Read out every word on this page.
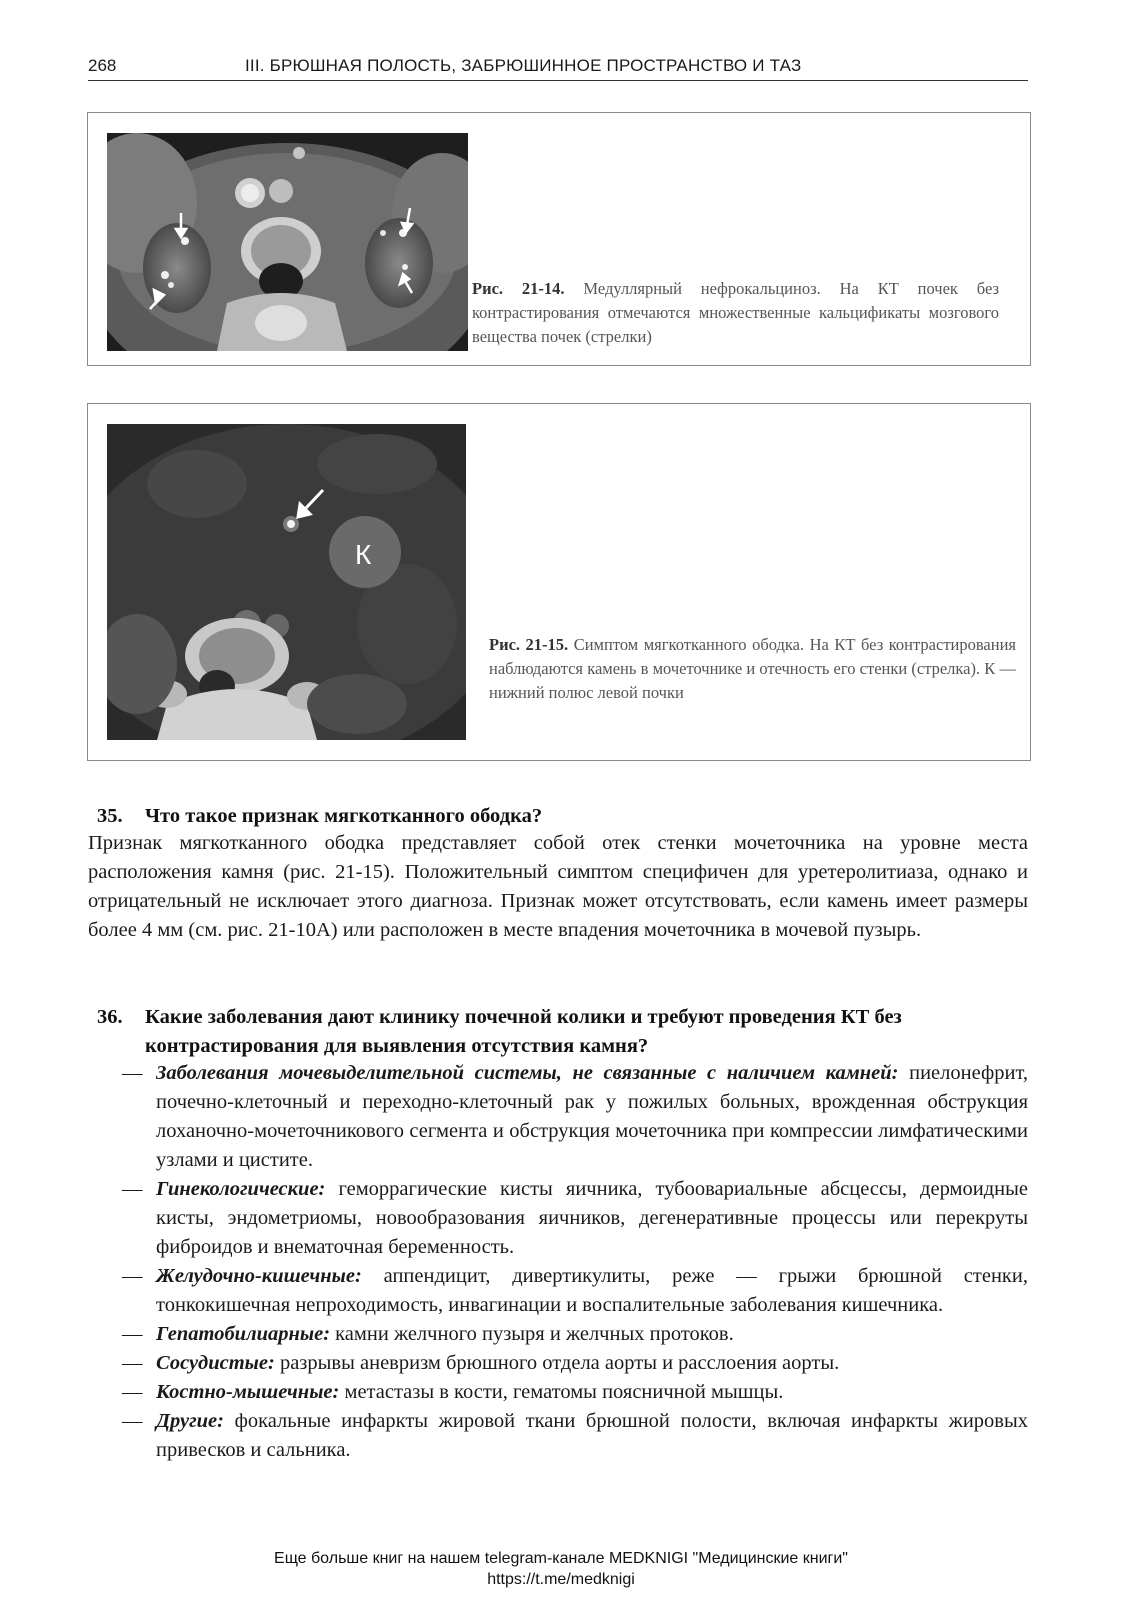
268	III. БРЮШНАЯ ПОЛОСТЬ, ЗАБРЮШИННОЕ ПРОСТРАНСТВО И ТАЗ
Рис. 21-14. Медуллярный нефрокальциноз. На КТ почек без контрастирования отмечаются множественные кальцификаты мозгового вещества почек (стрелки)
К
Рис. 21-15. Симптом мягкотканного ободка. На КТ без контрастирования наблюдаются камень в мочеточнике и отечность его стенки (стрелка). К — нижний полюс левой почки
35. Что такое признак мягкотканного ободка?
Признак мягкотканного ободка представляет собой отек стенки мочеточника на уровне места расположения камня (рис. 21-15). Положительный симптом специфичен для уретеролитиаза, однако и отрицательный не исключает этого диагноза. Признак может отсутствовать, если камень имеет размеры более 4 мм (см. рис. 21-10А) или расположен в месте впадения мочеточника в мочевой пузырь.
36. Какие заболевания дают клинику почечной колики и требуют проведения КТ без контрастирования для выявления отсутствия камня?
— Заболевания мочевыделительной системы, не связанные с наличием камней: пиелонефрит, почечно-клеточный и переходно-клеточный рак у пожилых больных, врожденная обструкция лоханочно-мочеточникового сегмента и обструкция мочеточника при компрессии лимфатическими узлами и цистите.
— Гинекологические: геморрагические кисты яичника, тубоовариальные абсцессы, дермоидные кисты, эндометриомы, новообразования яичников, дегенеративные процессы или перекруты фиброидов и внематочная беременность.
— Желудочно-кишечные: аппендицит, дивертикулиты, реже — грыжи брюшной стенки, тонкокишечная непроходимость, инвагинации и воспалительные заболевания кишечника.
— Гепатобилиарные: камни желчного пузыря и желчных протоков.
— Сосудистые: разрывы аневризм брюшного отдела аорты и расслоения аорты.
— Костно-мышечные: метастазы в кости, гематомы поясничной мышцы.
— Другие: фокальные инфаркты жировой ткани брюшной полости, включая инфаркты жировых привесков и сальника.
Еще больше книг на нашем telegram-канале MEDKNIGI "Медицинские книги"
https://t.me/medknigi
